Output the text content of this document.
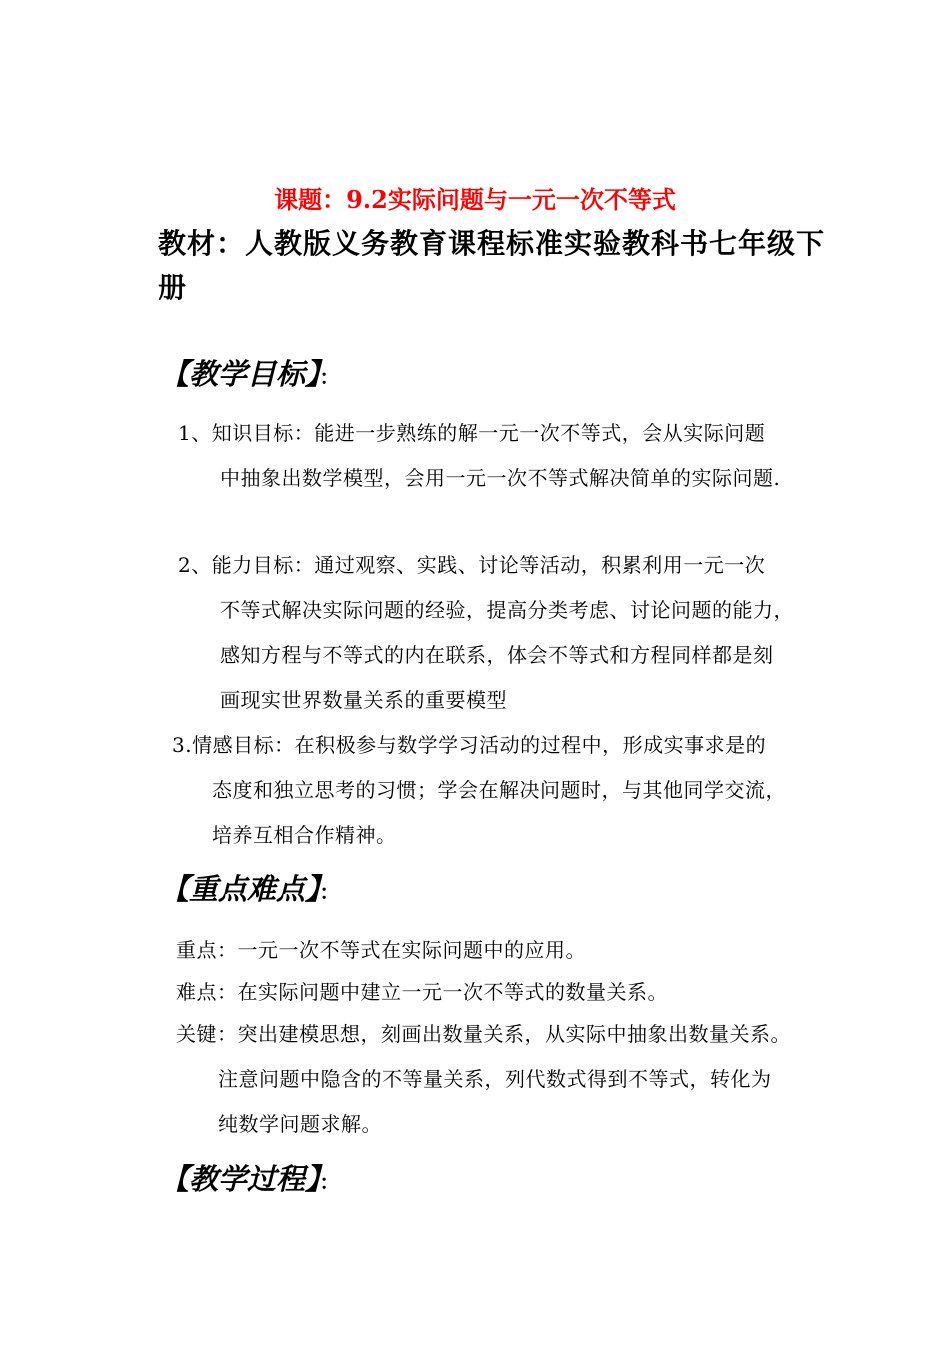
课题：9.2实际问题与一元一次不等式
教材：人教版义务教育课程标准实验教科书七年级下
册
【教学目标】：
1、知识目标：能进一步熟练的解一元一次不等式，会从实际问题
中抽象出数学模型，会用一元一次不等式解决简单的实际问题.
2、能力目标：通过观察、实践、讨论等活动，积累利用一元一次
不等式解决实际问题的经验，提高分类考虑、讨论问题的能力，
感知方程与不等式的内在联系，体会不等式和方程同样都是刻
画现实世界数量关系的重要模型
3.情感目标：在积极参与数学学习活动的过程中，形成实事求是的
态度和独立思考的习惯；学会在解决问题时，与其他同学交流，
培养互相合作精神。
【重点难点】：
重点：一元一次不等式在实际问题中的应用。
难点：在实际问题中建立一元一次不等式的数量关系。
关键：突出建模思想，刻画出数量关系，从实际中抽象出数量关系。
注意问题中隐含的不等量关系，列代数式得到不等式，转化为
纯数学问题求解。
【教学过程】：
